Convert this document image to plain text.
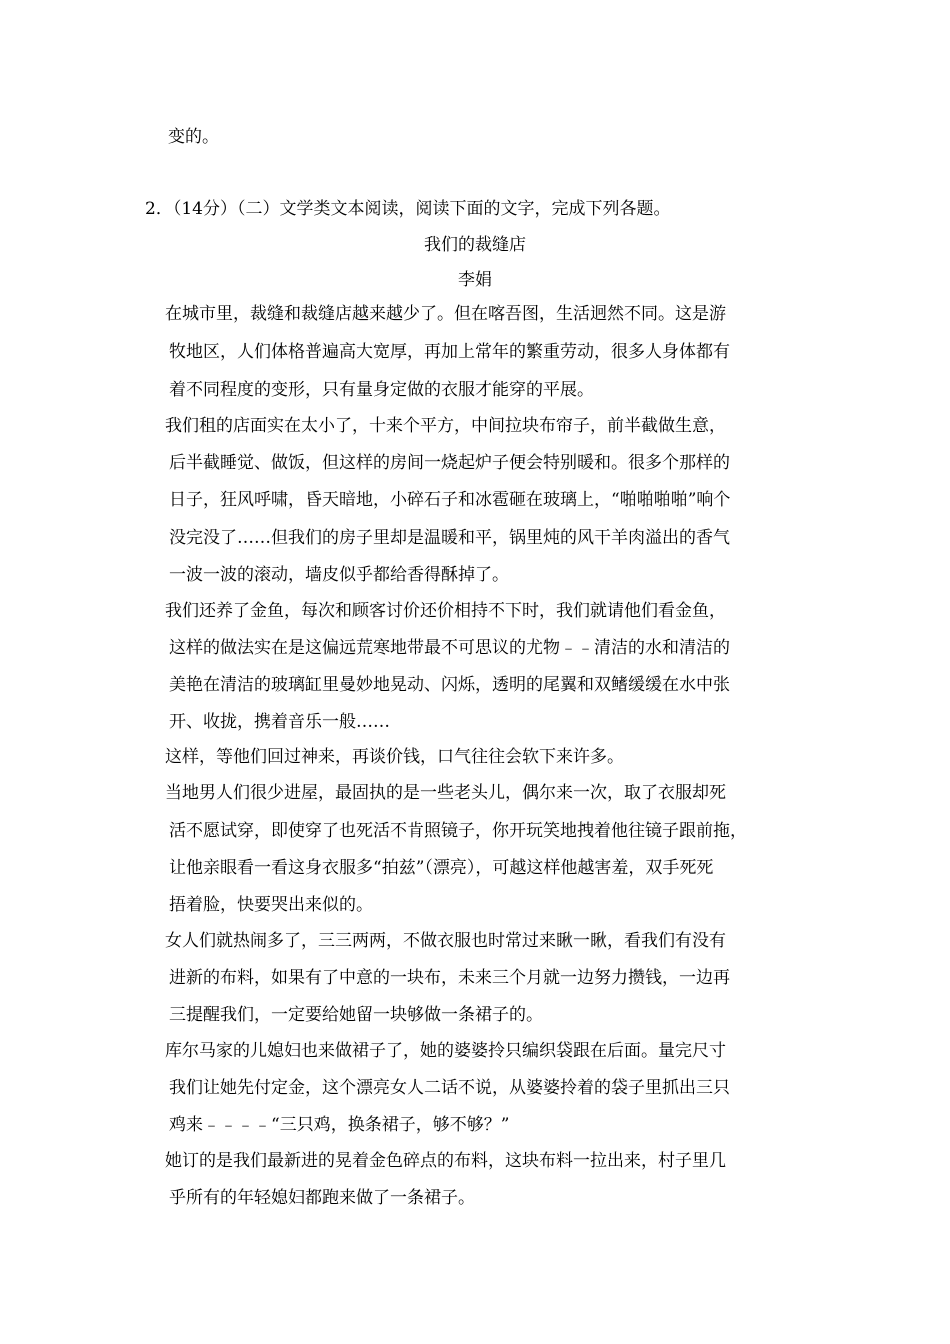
变的。
2．（14分）（二）文学类文本阅读，阅读下面的文字，完成下列各题。
我们的裁缝店
李娟
在城市里，裁缝和裁缝店越来越少了。但在喀吾图，生活迥然不同。这是游
牧地区，人们体格普遍高大宽厚，再加上常年的繁重劳动，很多人身体都有
着不同程度的变形，只有量身定做的衣服才能穿的平展。
我们租的店面实在太小了，十来个平方，中间拉块布帘子，前半截做生意，
后半截睡觉、做饭，但这样的房间一烧起炉子便会特别暖和。很多个那样的
日子，狂风呼啸，昏天暗地，小碎石子和冰雹砸在玻璃上，“啪啪啪啪”响个
没完没了……但我们的房子里却是温暖和平，锅里炖的风干羊肉溢出的香气
一波一波的滚动，墙皮似乎都给香得酥掉了。
我们还养了金鱼，每次和顾客讨价还价相持不下时，我们就请他们看金鱼，
这样的做法实在是这偏远荒寒地带最不可思议的尤物﹣﹣清洁的水和清洁的
美艳在清洁的玻璃缸里曼妙地晃动、闪烁，透明的尾翼和双鳍缓缓在水中张
开、收拢，携着音乐一般……
这样，等他们回过神来，再谈价钱，口气往往会软下来许多。
当地男人们很少进屋，最固执的是一些老头儿，偶尔来一次，取了衣服却死
活不愿试穿，即使穿了也死活不肯照镜子，你开玩笑地拽着他往镜子跟前拖，
让他亲眼看一看这身衣服多“拍兹”（漂亮），可越这样他越害羞，双手死死
捂着脸，快要哭出来似的。
女人们就热闹多了，三三两两，不做衣服也时常过来瞅一瞅，看我们有没有
进新的布料，如果有了中意的一块布，未来三个月就一边努力攒钱，一边再
三提醒我们，一定要给她留一块够做一条裙子的。
库尔马家的儿媳妇也来做裙子了，她的婆婆拎只编织袋跟在后面。量完尺寸
我们让她先付定金，这个漂亮女人二话不说，从婆婆拎着的袋子里抓出三只
鸡来﹣﹣﹣﹣“三只鸡，换条裙子，够不够？”
她订的是我们最新进的晃着金色碎点的布料，这块布料一拉出来，村子里几
乎所有的年轻媳妇都跑来做了一条裙子。
